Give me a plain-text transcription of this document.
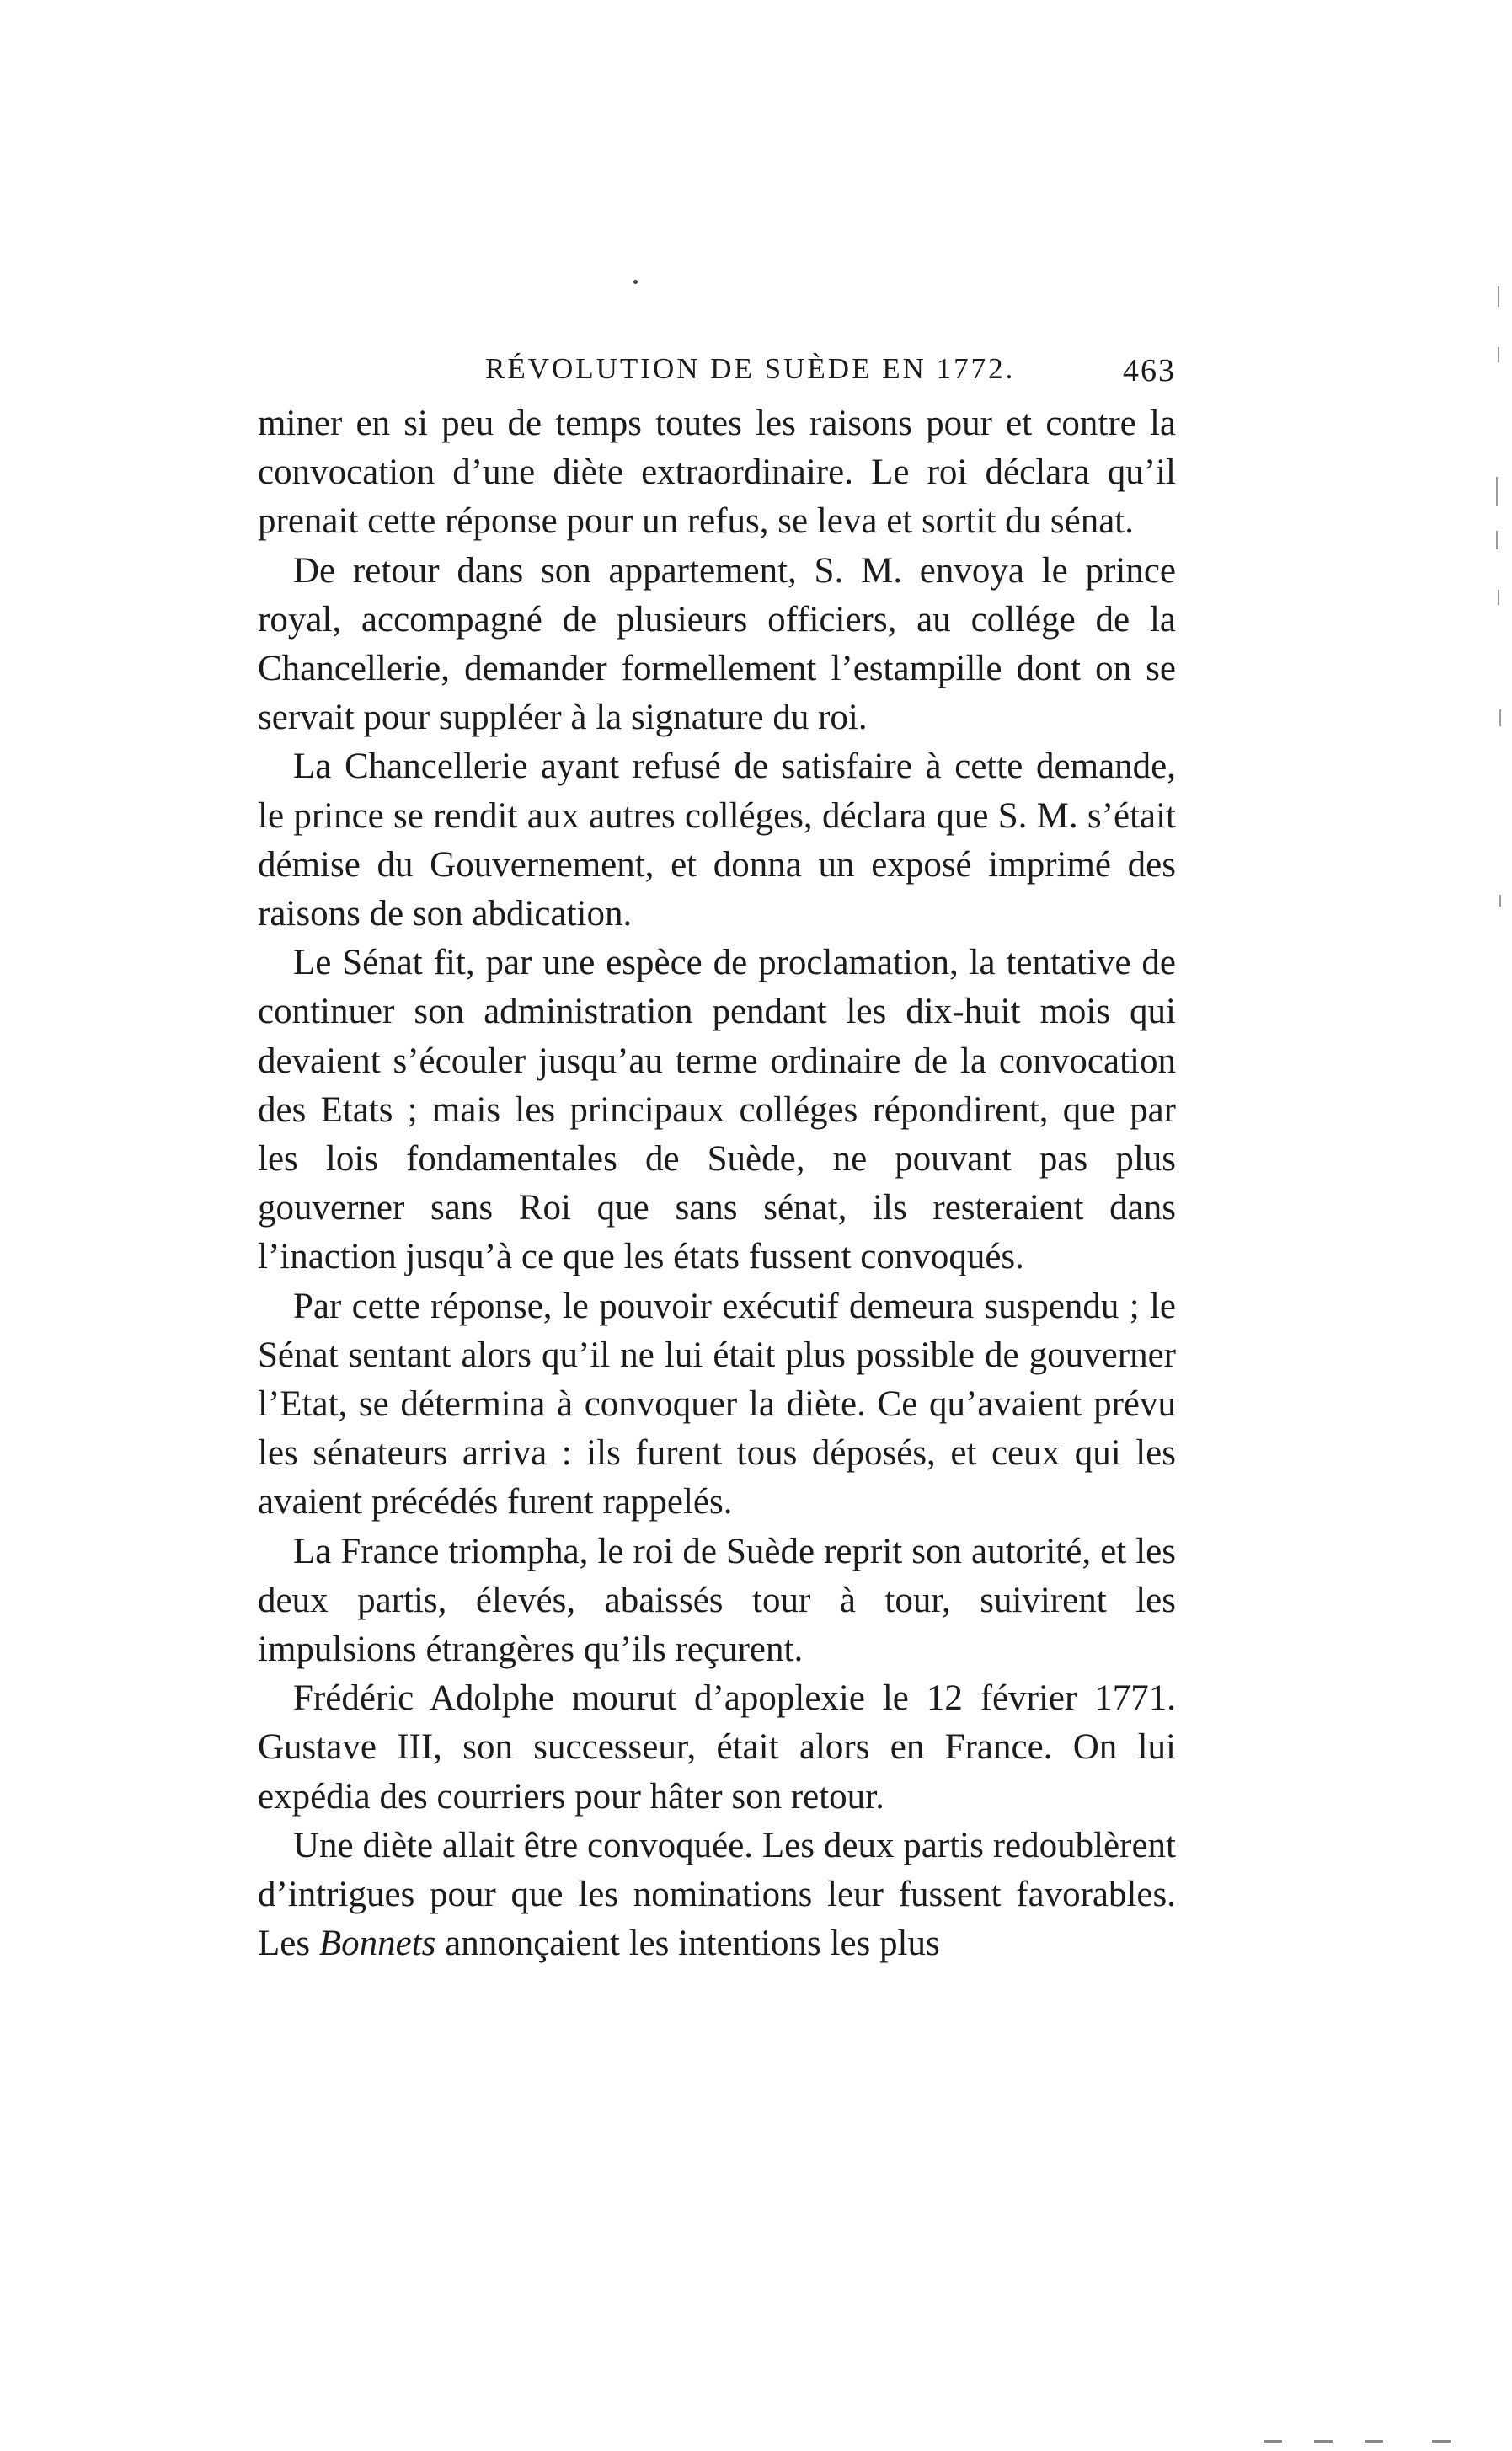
RÉVOLUTION DE SUÈDE EN 1772.	463

miner en si peu de temps toutes les raisons pour et contre la convocation d’une diète extraordinaire. Le roi déclara qu’il prenait cette réponse pour un refus, se leva et sortit du sénat.

De retour dans son appartement, S. M. envoya le prince royal, accompagné de plusieurs officiers, au collége de la Chancellerie, demander formellement l’estampille dont on se servait pour suppléer à la signature du roi.

La Chancellerie ayant refusé de satisfaire à cette demande, le prince se rendit aux autres colléges, déclara que S. M. s’était démise du Gouvernement, et donna un exposé imprimé des raisons de son abdication.

Le Sénat fit, par une espèce de proclamation, la tentative de continuer son administration pendant les dix-huit mois qui devaient s’écouler jusqu’au terme ordinaire de la convocation des Etats ; mais les principaux colléges répondirent, que par les lois fondamentales de Suède, ne pouvant pas plus gouverner sans Roi que sans sénat, ils resteraient dans l’inaction jusqu’à ce que les états fussent convoqués.

Par cette réponse, le pouvoir exécutif demeura suspendu ; le Sénat sentant alors qu’il ne lui était plus possible de gouverner l’Etat, se détermina à convoquer la diète. Ce qu’avaient prévu les sénateurs arriva : ils furent tous déposés, et ceux qui les avaient précédés furent rappelés.

La France triompha, le roi de Suède reprit son autorité, et les deux partis, élevés, abaissés tour à tour, suivirent les impulsions étrangères qu’ils reçurent.

Frédéric Adolphe mourut d’apoplexie le 12 février 1771. Gustave III, son successeur, était alors en France. On lui expédia des courriers pour hâter son retour.

Une diète allait être convoquée. Les deux partis redoublèrent d’intrigues pour que les nominations leur fussent favorables. Les Bonnets annonçaient les intentions les plus
